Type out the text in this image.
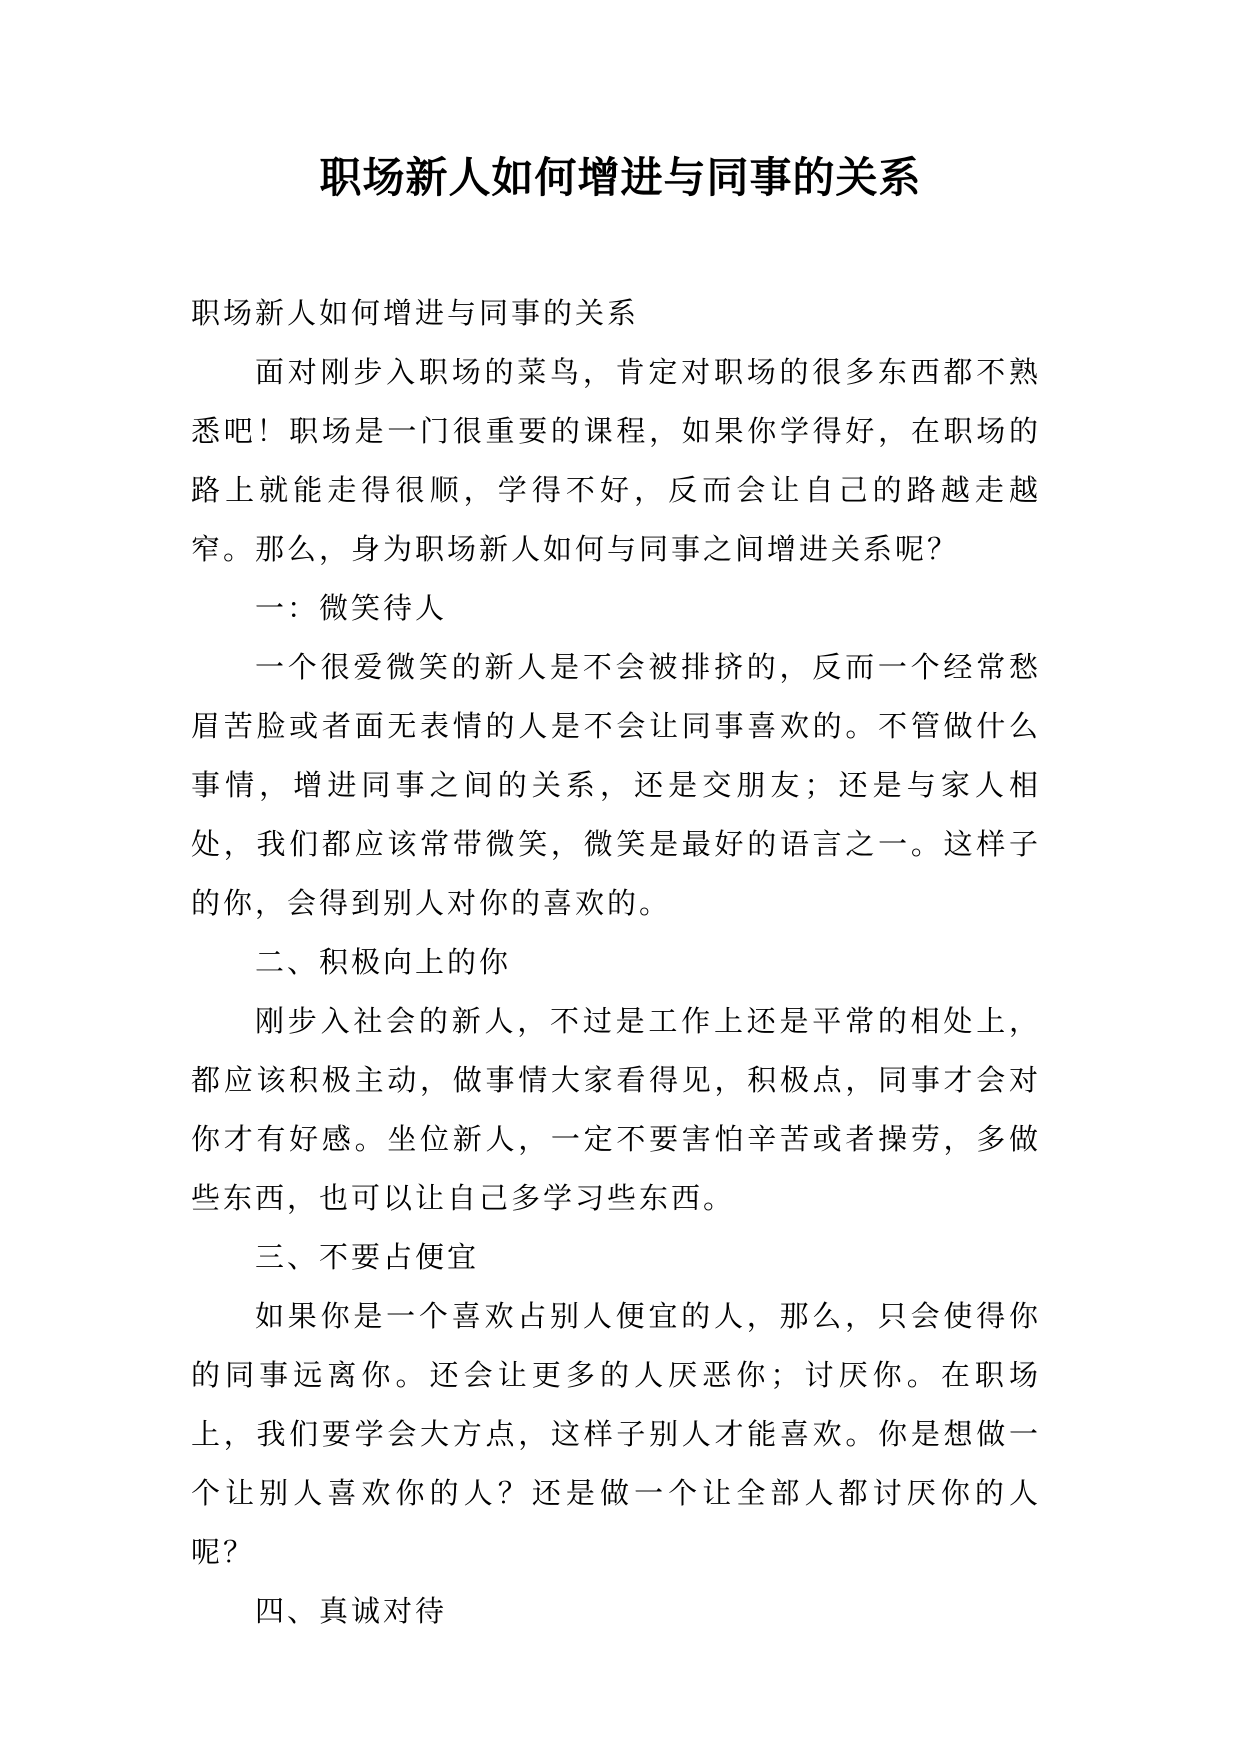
职场新人如何增进与同事的关系

职场新人如何增进与同事的关系

面对刚步入职场的菜鸟，肯定对职场的很多东西都不熟悉吧！职场是一门很重要的课程，如果你学得好，在职场的路上就能走得很顺，学得不好，反而会让自己的路越走越窄。那么，身为职场新人如何与同事之间增进关系呢？

一：微笑待人

一个很爱微笑的新人是不会被排挤的，反而一个经常愁眉苦脸或者面无表情的人是不会让同事喜欢的。不管做什么事情，增进同事之间的关系，还是交朋友；还是与家人相处，我们都应该常带微笑，微笑是最好的语言之一。这样子的你，会得到别人对你的喜欢的。

二、积极向上的你

刚步入社会的新人，不过是工作上还是平常的相处上，都应该积极主动，做事情大家看得见，积极点，同事才会对你才有好感。坐位新人，一定不要害怕辛苦或者操劳，多做些东西，也可以让自己多学习些东西。

三、不要占便宜

如果你是一个喜欢占别人便宜的人，那么，只会使得你的同事远离你。还会让更多的人厌恶你；讨厌你。在职场上，我们要学会大方点，这样子别人才能喜欢。你是想做一个让别人喜欢你的人？还是做一个让全部人都讨厌你的人呢？

四、真诚对待
